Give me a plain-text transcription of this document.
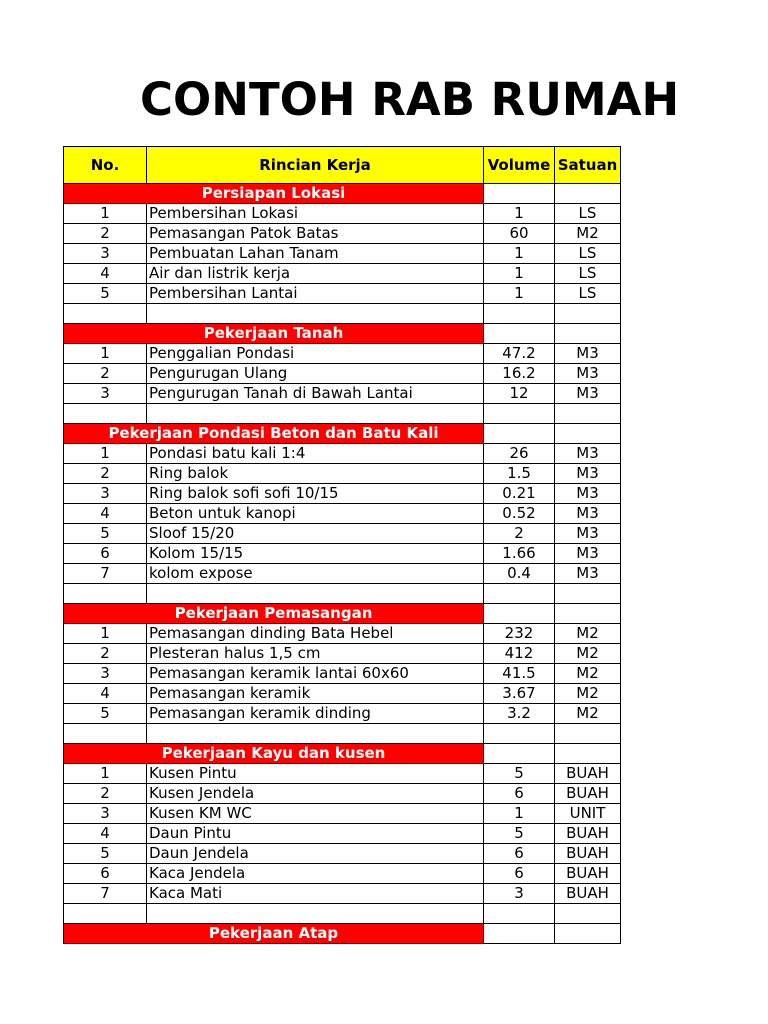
CONTOH RAB RUMAH
No.	Rincian Kerja	Volume	Satuan
Persiapan Lokasi			
1	Pembersihan Lokasi	1	LS
2	Pemasangan Patok Batas	60	M2
3	Pembuatan Lahan Tanam	1	LS
4	Air dan listrik kerja	1	LS
5	Pembersihan Lantai	1	LS

Pekerjaan Tanah			
1	Penggalian Pondasi	47.2	M3
2	Pengurugan Ulang	16.2	M3
3	Pengurugan Tanah di Bawah Lantai	12	M3

Pekerjaan Pondasi Beton dan Batu Kali			
1	Pondasi batu kali 1:4	26	M3
2	Ring balok	1.5	M3
3	Ring balok sofi sofi 10/15	0.21	M3
4	Beton untuk kanopi	0.52	M3
5	Sloof 15/20	2	M3
6	Kolom 15/15	1.66	M3
7	kolom expose	0.4	M3

Pekerjaan Pemasangan			
1	Pemasangan dinding Bata Hebel	232	M2
2	Plesteran halus 1,5 cm	412	M2
3	Pemasangan keramik lantai 60x60	41.5	M2
4	Pemasangan keramik	3.67	M2
5	Pemasangan keramik dinding	3.2	M2

Pekerjaan Kayu dan kusen			
1	Kusen Pintu	5	BUAH
2	Kusen Jendela	6	BUAH
3	Kusen KM WC	1	UNIT
4	Daun Pintu	5	BUAH
5	Daun Jendela	6	BUAH
6	Kaca Jendela	6	BUAH
7	Kaca Mati	3	BUAH

Pekerjaan Atap			
